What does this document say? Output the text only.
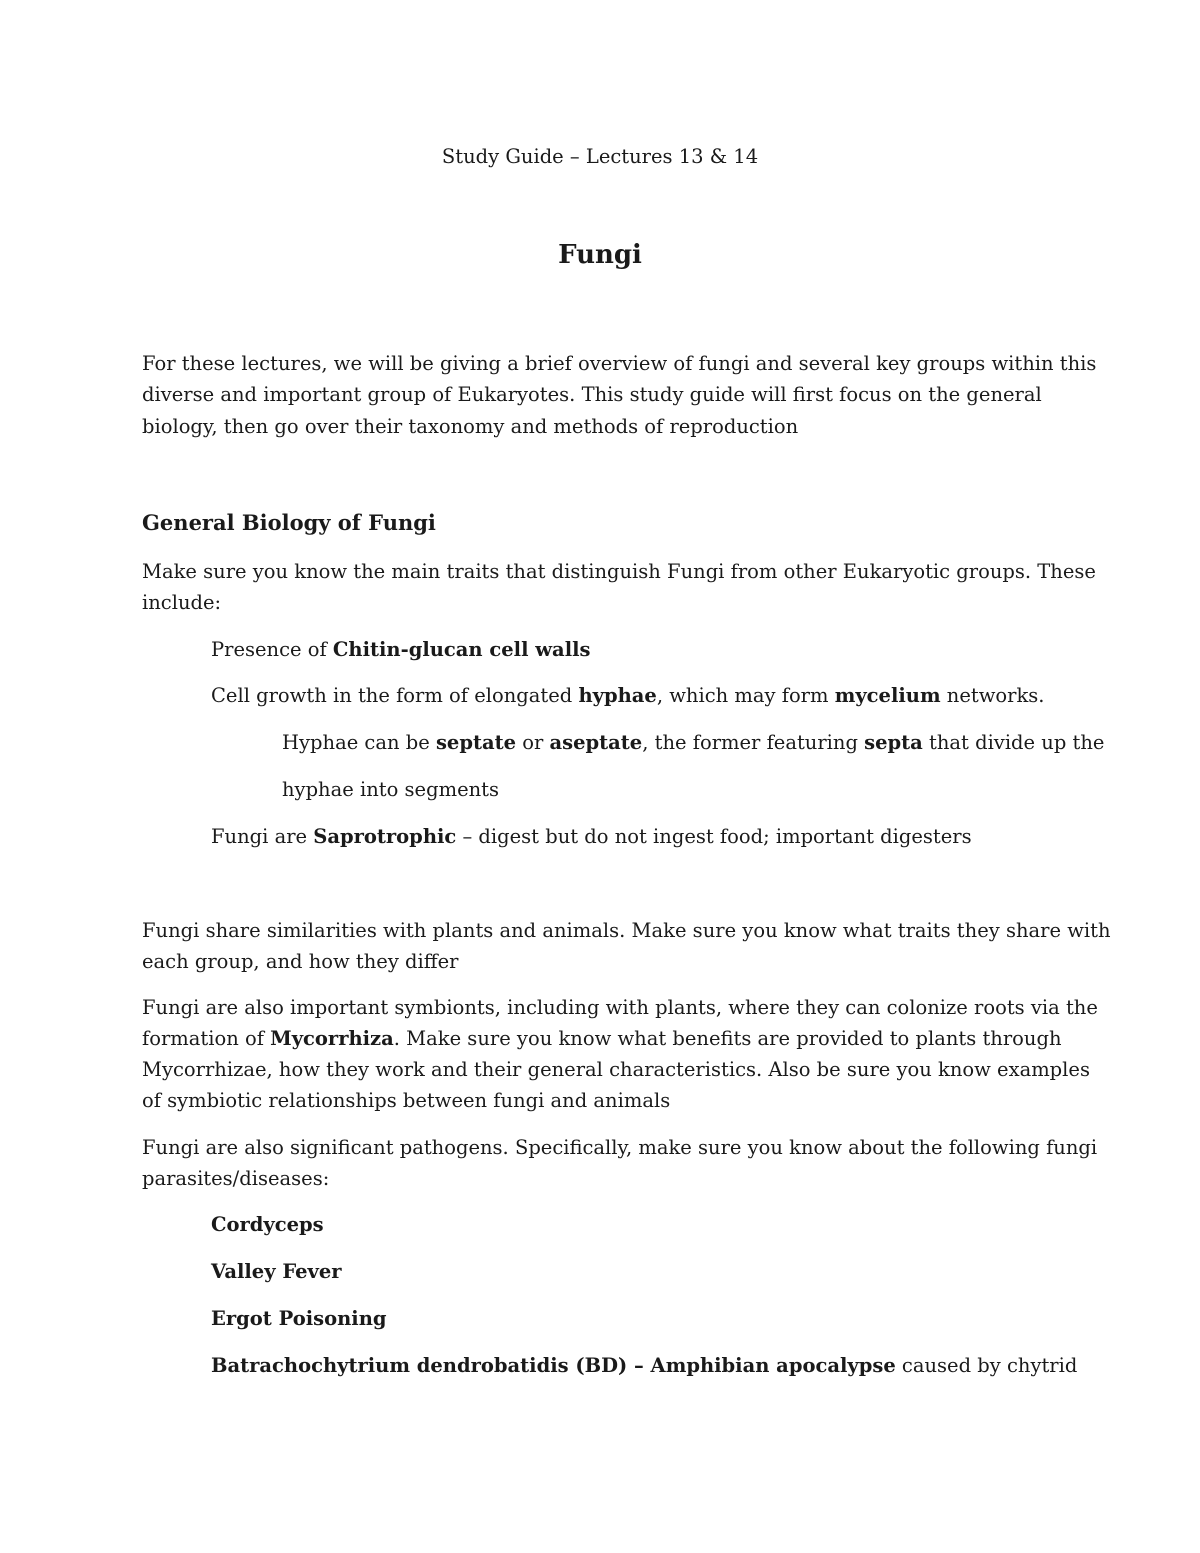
Study Guide – Lectures 13 & 14
Fungi
For these lectures, we will be giving a brief overview of fungi and several key groups within this
diverse and important group of Eukaryotes. This study guide will first focus on the general
biology, then go over their taxonomy and methods of reproduction
General Biology of Fungi
Make sure you know the main traits that distinguish Fungi from other Eukaryotic groups. These
include:
Presence of Chitin-glucan cell walls
Cell growth in the form of elongated hyphae, which may form mycelium networks.
Hyphae can be septate or aseptate, the former featuring septa that divide up the
hyphae into segments
Fungi are Saprotrophic – digest but do not ingest food; important digesters
Fungi share similarities with plants and animals. Make sure you know what traits they share with
each group, and how they differ
Fungi are also important symbionts, including with plants, where they can colonize roots via the
formation of Mycorrhiza. Make sure you know what benefits are provided to plants through
Mycorrhizae, how they work and their general characteristics. Also be sure you know examples
of symbiotic relationships between fungi and animals
Fungi are also significant pathogens. Specifically, make sure you know about the following fungi
parasites/diseases:
Cordyceps
Valley Fever
Ergot Poisoning
Batrachochytrium dendrobatidis (BD) – Amphibian apocalypse caused by chytrid
